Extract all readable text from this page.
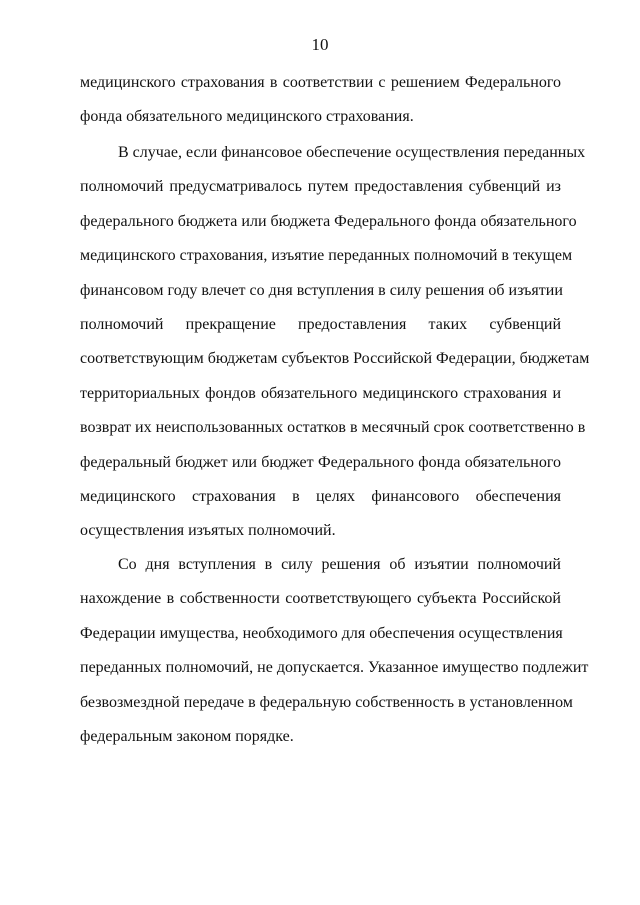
10
медицинского страхования в соответствии с решением Федерального
фонда обязательного медицинского страхования.
В случае, если финансовое обеспечение осуществления переданных
полномочий предусматривалось путем предоставления субвенций из
федерального бюджета или бюджета Федерального фонда обязательного
медицинского страхования, изъятие переданных полномочий в текущем
финансовом году влечет со дня вступления в силу решения об изъятии
полномочий прекращение предоставления таких субвенций
соответствующим бюджетам субъектов Российской Федерации, бюджетам
территориальных фондов обязательного медицинского страхования и
возврат их неиспользованных остатков в месячный срок соответственно в
федеральный бюджет или бюджет Федерального фонда обязательного
медицинского страхования в целях финансового обеспечения
осуществления изъятых полномочий.
Со дня вступления в силу решения об изъятии полномочий
нахождение в собственности соответствующего субъекта Российской
Федерации имущества, необходимого для обеспечения осуществления
переданных полномочий, не допускается. Указанное имущество подлежит
безвозмездной передаче в федеральную собственность в установленном
федеральным законом порядке.
